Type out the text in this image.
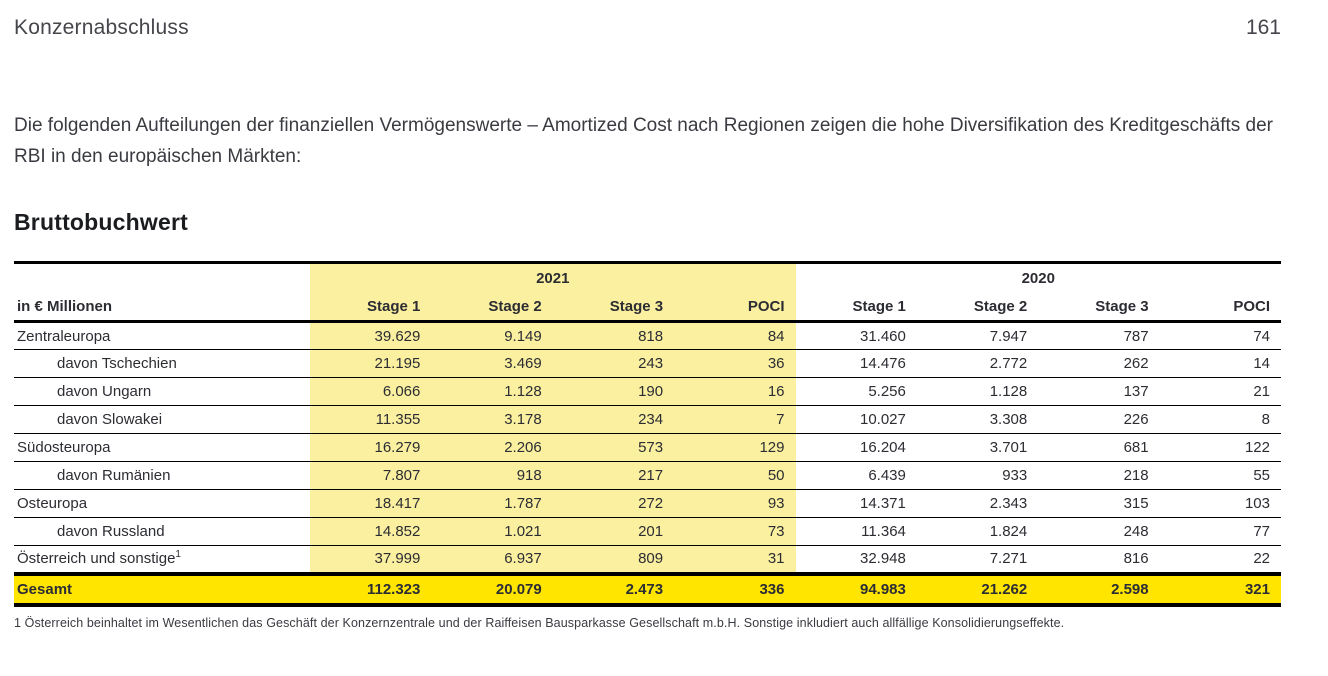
Konzernabschluss	161

Die folgenden Aufteilungen der finanziellen Vermögenswerte – Amortized Cost nach Regionen zeigen die hohe Diversifikation des Kreditgeschäfts der RBI in den europäischen Märkten:

Bruttobuchwert
	2021				2020			
in € Millionen	Stage 1	Stage 2	Stage 3	POCI	Stage 1	Stage 2	Stage 3	POCI
Zentraleuropa	39.629	9.149	818	84	31.460	7.947	787	74
davon Tschechien	21.195	3.469	243	36	14.476	2.772	262	14
davon Ungarn	6.066	1.128	190	16	5.256	1.128	137	21
davon Slowakei	11.355	3.178	234	7	10.027	3.308	226	8
Südosteuropa	16.279	2.206	573	129	16.204	3.701	681	122
davon Rumänien	7.807	918	217	50	6.439	933	218	55
Osteuropa	18.417	1.787	272	93	14.371	2.343	315	103
davon Russland	14.852	1.021	201	73	11.364	1.824	248	77
Österreich und sonstige$^1$	37.999	6.937	809	31	32.948	7.271	816	22
Gesamt	112.323	20.079	2.473	336	94.983	21.262	2.598	321

1 Österreich beinhaltet im Wesentlichen das Geschäft der Konzernzentrale und der Raiffeisen Bausparkasse Gesellschaft m.b.H. Sonstige inkludiert auch allfällige Konsolidierungseffekte.
